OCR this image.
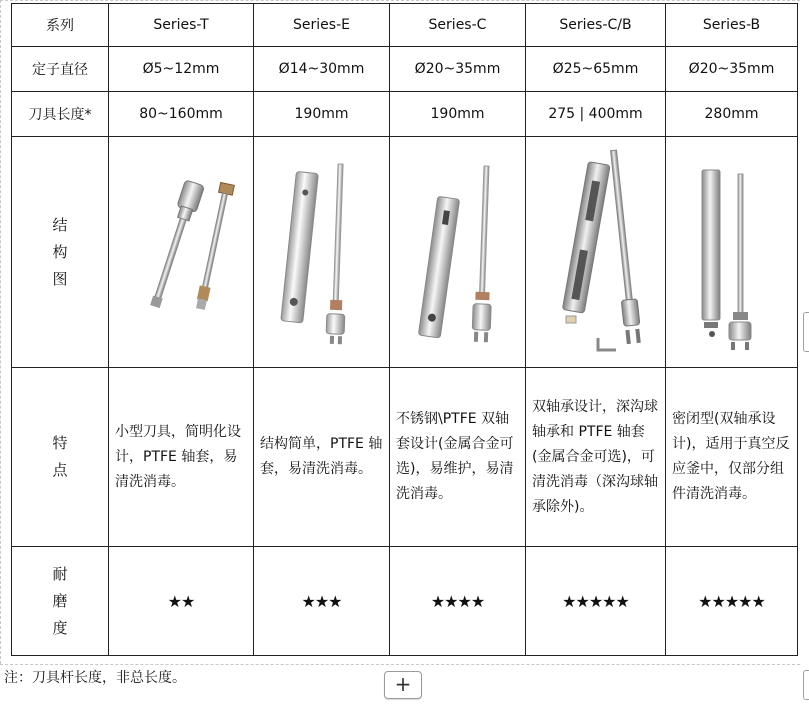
系列	Series-T	Series-E	Series-C	Series-C/B	Series-B
定子直径	Ø5~12mm	Ø14~30mm	Ø20~35mm	Ø25~65mm	Ø20~35mm
刀具长度*	80~160mm	190mm	190mm	275 | 400mm	280mm

结
构
图

特
点	小型刀具，简明化设计，PTFE 轴套，易清洗消毒。	结构简单，PTFE 轴套，易清洗消毒。	不锈钢\PTFE 双轴套设计(金属合金可选)，易维护，易清洗消毒。	双轴承设计，深沟球轴承和 PTFE 轴套(金属合金可选)，可清洗消毒（深沟球轴承除外)。	密闭型(双轴承设计)，适用于真空反应釜中，仅部分组件清洗消毒。

耐
磨
度	★★	★★★	★★★★	★★★★★	★★★★★
注：刀具杆长度，非总长度。	+
